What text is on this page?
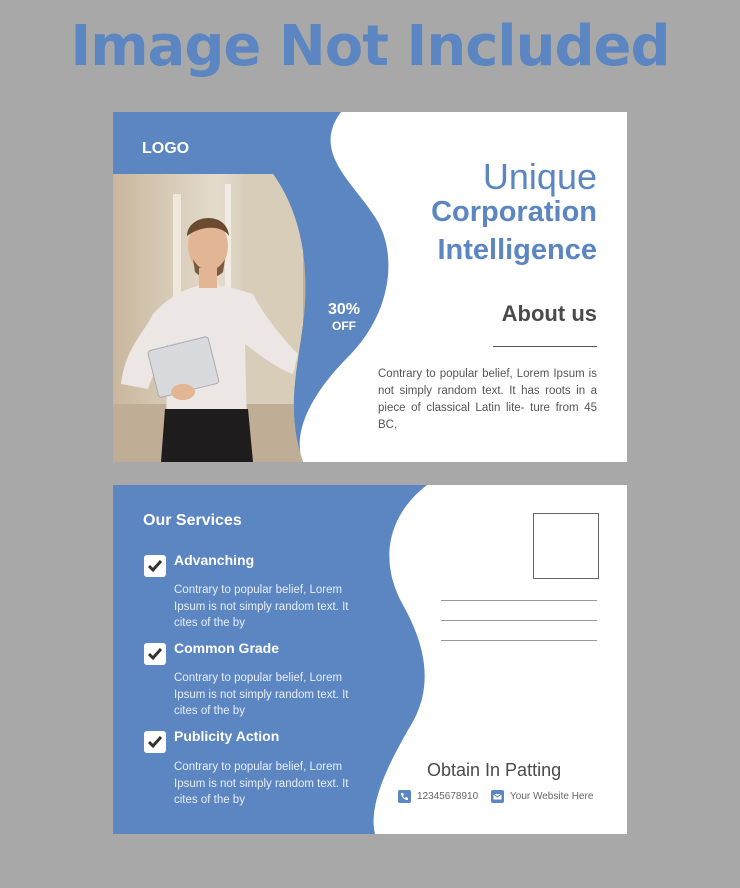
Image Not Included
LOGO
30%
OFF
Unique
Corporation
Intelligence
About us
Contrary to popular belief, Lorem Ipsum is not simply random text. It has roots in a piece of classical Latin lite- ture from 45 BC,
Our Services
Advanching
Contrary to popular belief, Lorem Ipsum is not simply random text. It cites of the by
Common Grade
Contrary to popular belief, Lorem Ipsum is not simply random text. It cites of the by
Publicity Action
Contrary to popular belief, Lorem Ipsum is not simply random text. It cites of the by
Obtain In Patting
12345678910	Your Website Here
